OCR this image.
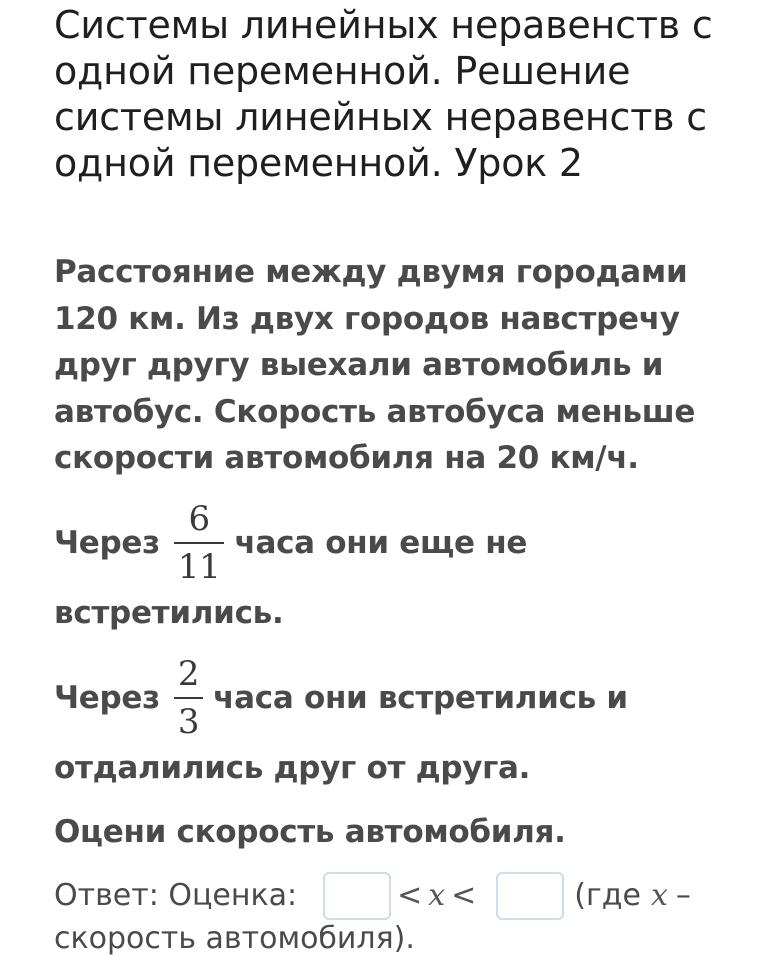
Системы линейных неравенств с одной переменной. Решение системы линейных неравенств с одной переменной. Урок 2

Расстояние между двумя городами 120 км. Из двух городов навстречу друг другу выехали автомобиль и автобус. Скорость автобуса меньше скорости автомобиля на 20 км/ч.

Через $\frac{6}{11}$ часа они еще не
встретились.
Через $\frac{2}{3}$ часа они встретились и
отдалились друг от друга.
Оцени скорость автомобиля.
Ответ: Оценка:	< x <	(где x –
скорость автомобиля).
